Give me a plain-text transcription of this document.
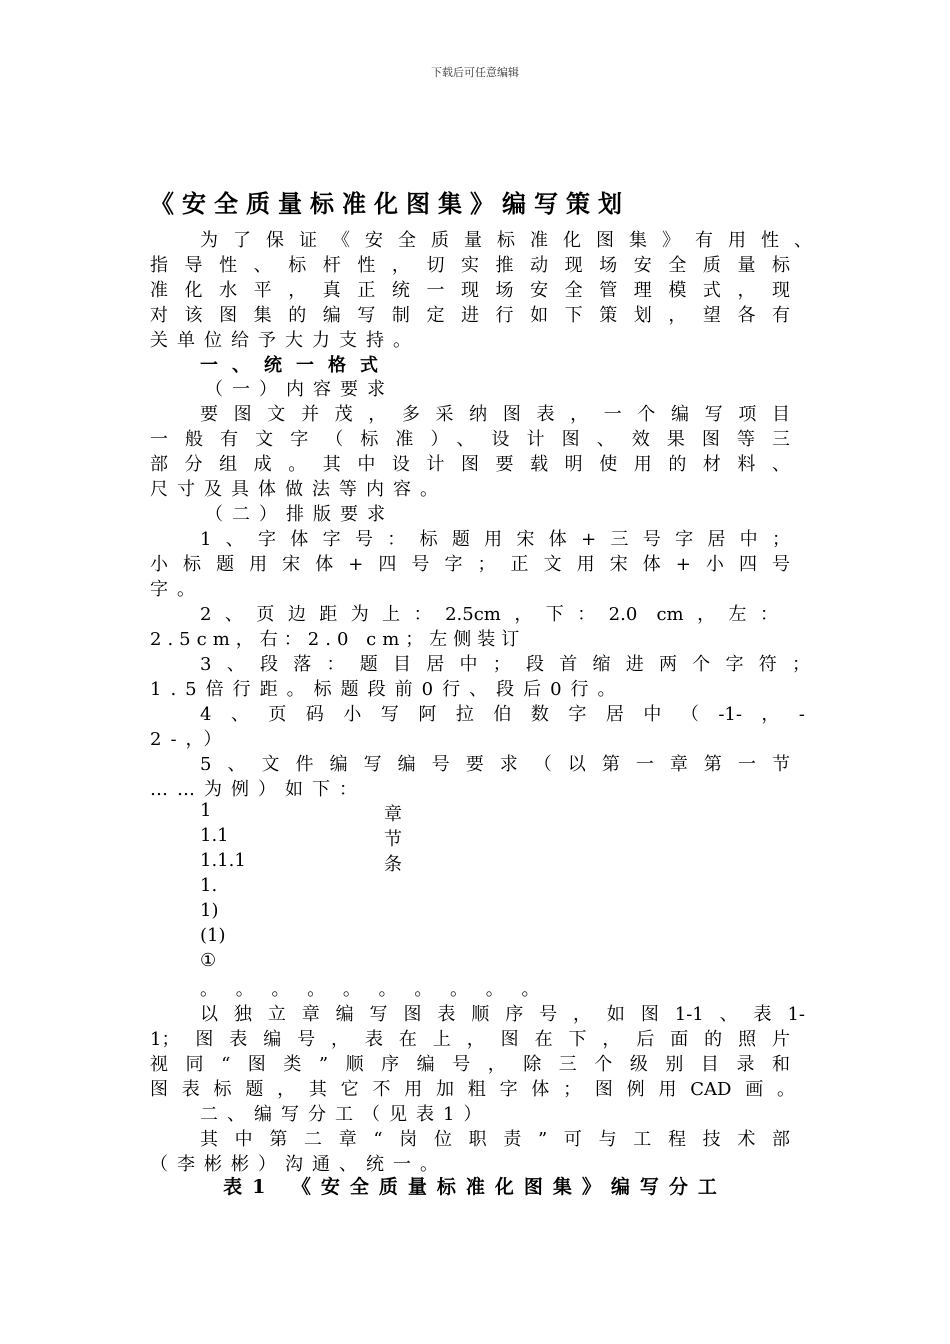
下载后可任意编辑
《安全质量标准化图集》编写策划
为了保证《安全质量标准化图集》有用性、
指导性、标杆性，切实推动现场安全质量标
准化水平，真正统一现场安全管理模式，现
对该图集的编写制定进行如下策划，望各有
关单位给予大力支持。
一、统一格式
（一）内容要求
要图文并茂，多采纳图表，一个编写项目
一般有文字（标准）、设计图、效果图等三
部分组成。其中设计图要载明使用的材料、
尺寸及具体做法等内容。
（二）排版要求
1、字体字号：标题用宋体+三号字居中；
小标题用宋体+四号字；正文用宋体+小四号
字。
2、页边距为上：2.5cm，下：2.0 cm，左：
2.5cm，右：2.0 cm；左侧装订
3、段落：题目居中；段首缩进两个字符；
1.5倍行距。标题段前0行、段后0行。
4、页码小写阿拉伯数字居中（-1-，-
2-，）
5、文件编写编号要求（以第一章第一节
……为例）如下：
1	章
1.1	节
1.1.1	条
1.
1)
(1)
①
。 。 。 。 。 。 。 。 。 。
以独立章编写图表顺序号，如图1-1、表1-
1；图表编号，表在上，图在下，后面的照片
视同“图类”顺序编号，除三个级别目录和
图表标题，其它不用加粗字体；图例用CAD画。
二、编写分工（见表1）
其中第二章“岗位职责”可与工程技术部
（李彬彬）沟通、统一。
表1 《安全质量标准化图集》编写分工
